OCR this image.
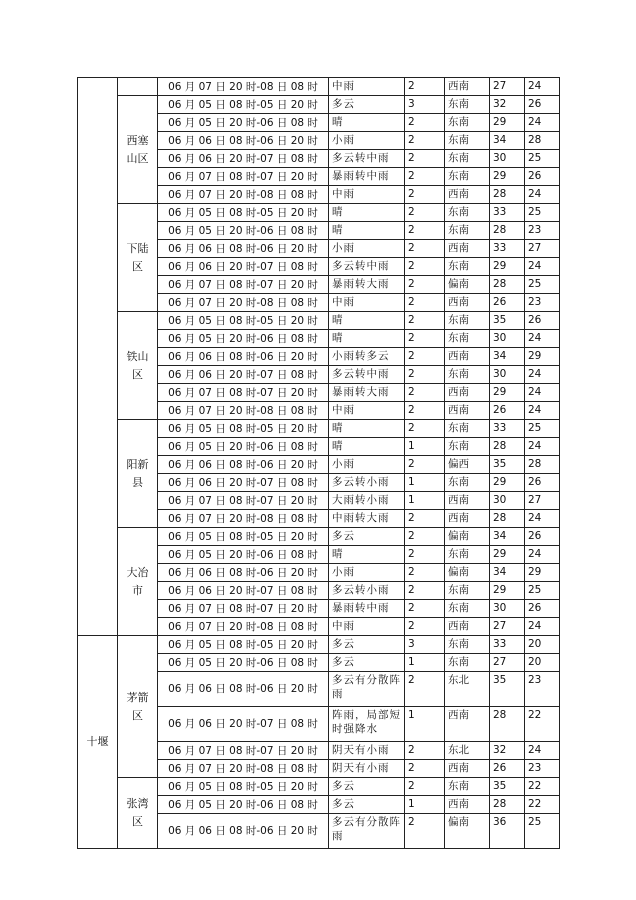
		06 月 07 日 20 时-08 日 08 时	中雨	2	西南	27	24
	西塞山区	06 月 05 日 08 时-05 日 20 时	多云	3	东南	32	26
		06 月 05 日 20 时-06 日 08 时	晴	2	东南	29	24
		06 月 06 日 08 时-06 日 20 时	小雨	2	东南	34	28
		06 月 06 日 20 时-07 日 08 时	多云转中雨	2	东南	30	25
		06 月 07 日 08 时-07 日 20 时	暴雨转中雨	2	东南	29	26
		06 月 07 日 20 时-08 日 08 时	中雨	2	西南	28	24
	下陆区	06 月 05 日 08 时-05 日 20 时	晴	2	东南	33	25
		06 月 05 日 20 时-06 日 08 时	晴	2	东南	28	23
		06 月 06 日 08 时-06 日 20 时	小雨	2	西南	33	27
		06 月 06 日 20 时-07 日 08 时	多云转中雨	2	东南	29	24
		06 月 07 日 08 时-07 日 20 时	暴雨转大雨	2	偏南	28	25
		06 月 07 日 20 时-08 日 08 时	中雨	2	西南	26	23
	铁山区	06 月 05 日 08 时-05 日 20 时	晴	2	东南	35	26
		06 月 05 日 20 时-06 日 08 时	晴	2	东南	30	24
		06 月 06 日 08 时-06 日 20 时	小雨转多云	2	西南	34	29
		06 月 06 日 20 时-07 日 08 时	多云转中雨	2	东南	30	24
		06 月 07 日 08 时-07 日 20 时	暴雨转大雨	2	西南	29	24
		06 月 07 日 20 时-08 日 08 时	中雨	2	西南	26	24
	阳新县	06 月 05 日 08 时-05 日 20 时	晴	2	东南	33	25
		06 月 05 日 20 时-06 日 08 时	晴	1	东南	28	24
		06 月 06 日 08 时-06 日 20 时	小雨	2	偏西	35	28
		06 月 06 日 20 时-07 日 08 时	多云转小雨	1	东南	29	26
		06 月 07 日 08 时-07 日 20 时	大雨转小雨	1	西南	30	27
		06 月 07 日 20 时-08 日 08 时	中雨转大雨	2	西南	28	24
	大冶市	06 月 05 日 08 时-05 日 20 时	多云	2	偏南	34	26
		06 月 05 日 20 时-06 日 08 时	晴	2	东南	29	24
		06 月 06 日 08 时-06 日 20 时	小雨	2	偏南	34	29
		06 月 06 日 20 时-07 日 08 时	多云转小雨	2	东南	29	25
		06 月 07 日 08 时-07 日 20 时	暴雨转中雨	2	东南	30	26
		06 月 07 日 20 时-08 日 08 时	中雨	2	西南	27	24
十堰	茅箭区	06 月 05 日 08 时-05 日 20 时	多云	3	东南	33	20
		06 月 05 日 20 时-06 日 08 时	多云	1	东南	27	20
		06 月 06 日 08 时-06 日 20 时	多云有分散阵雨	2	东北	35	23
		06 月 06 日 20 时-07 日 08 时	阵雨，局部短时强降水	1	西南	28	22
		06 月 07 日 08 时-07 日 20 时	阴天有小雨	2	东北	32	24
		06 月 07 日 20 时-08 日 08 时	阴天有小雨	2	西南	26	23
	张湾区	06 月 05 日 08 时-05 日 20 时	多云	2	东南	35	22
		06 月 05 日 20 时-06 日 08 时	多云	1	西南	28	22
		06 月 06 日 08 时-06 日 20 时	多云有分散阵雨	2	偏南	36	25
